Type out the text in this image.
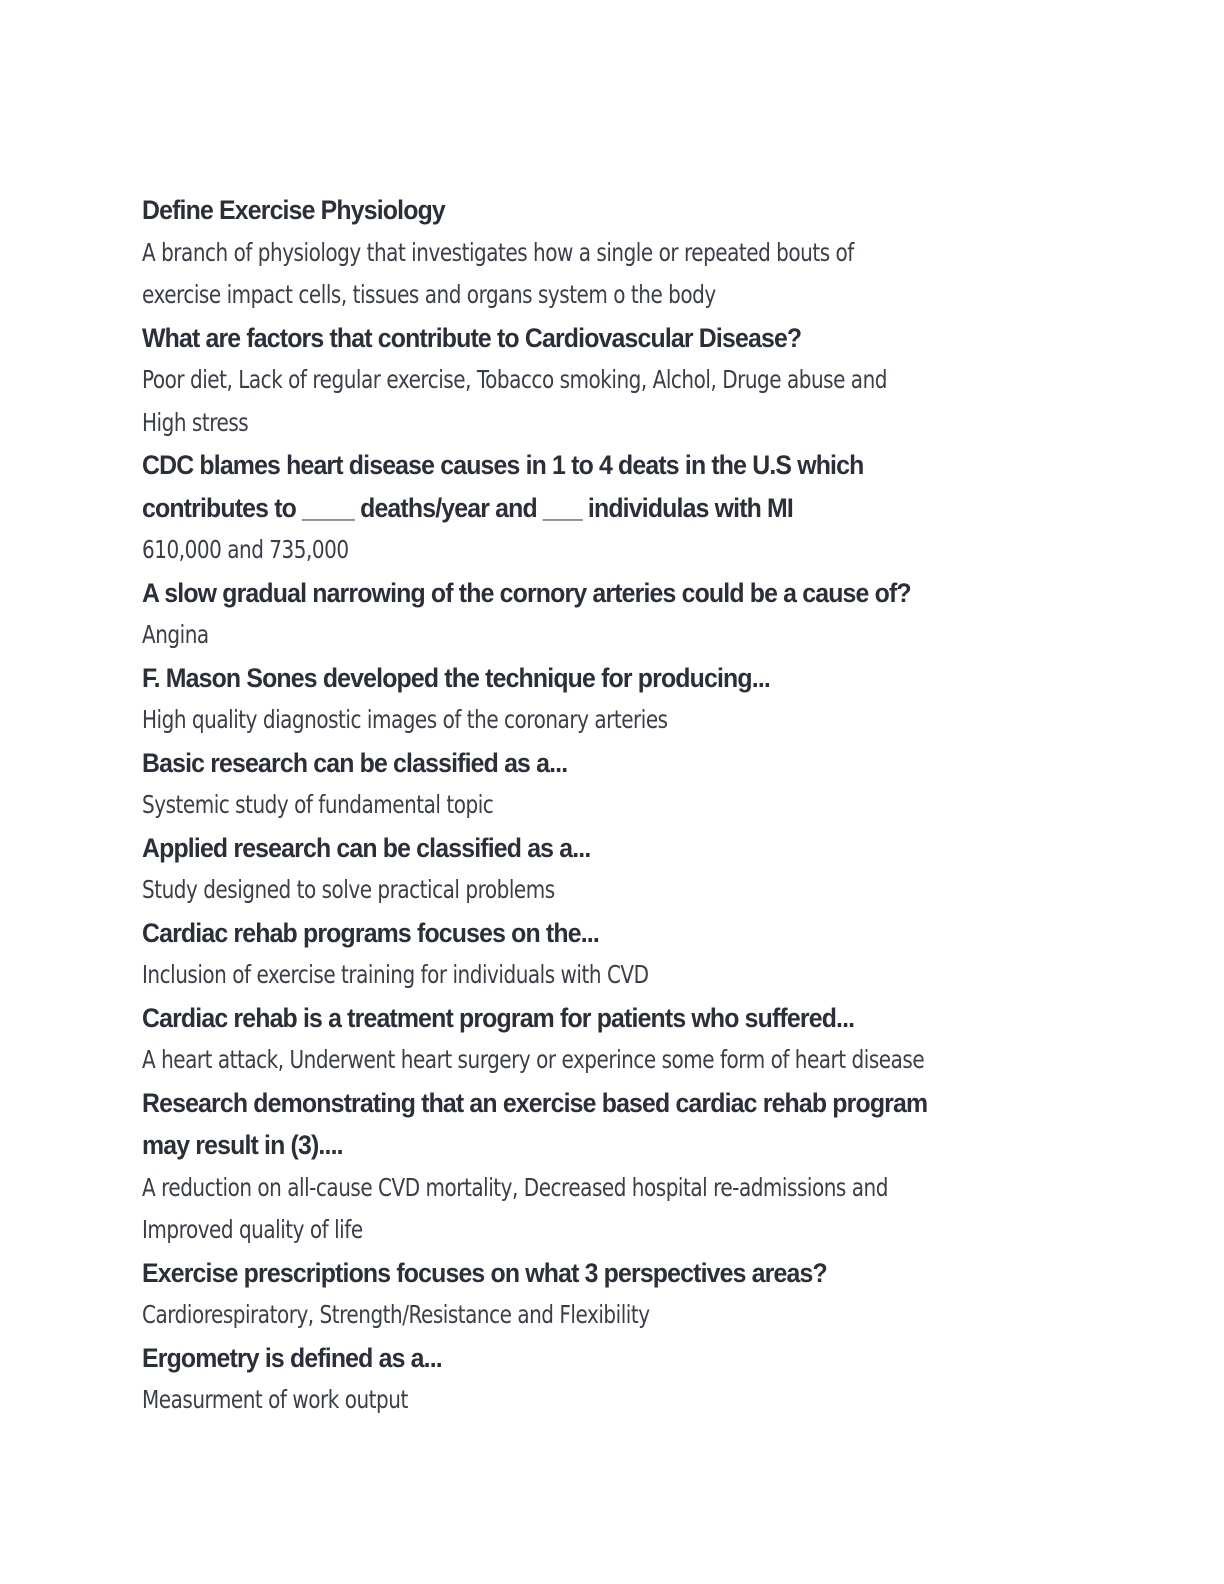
Define Exercise Physiology
A branch of physiology that investigates how a single or repeated bouts of
exercise impact cells, tissues and organs system o the body
What are factors that contribute to Cardiovascular Disease?
Poor diet, Lack of regular exercise, Tobacco smoking, Alchol, Druge abuse and
High stress
CDC blames heart disease causes in 1 to 4 deats in the U.S which
contributes to ____ deaths/year and ___ individulas with MI
610,000 and 735,000
A slow gradual narrowing of the cornory arteries could be a cause of?
Angina
F. Mason Sones developed the technique for producing...
High quality diagnostic images of the coronary arteries
Basic research can be classified as a...
Systemic study of fundamental topic
Applied research can be classified as a...
Study designed to solve practical problems
Cardiac rehab programs focuses on the...
Inclusion of exercise training for individuals with CVD
Cardiac rehab is a treatment program for patients who suffered...
A heart attack, Underwent heart surgery or experince some form of heart disease
Research demonstrating that an exercise based cardiac rehab program
may result in (3)....
A reduction on all-cause CVD mortality, Decreased hospital re-admissions and
Improved quality of life
Exercise prescriptions focuses on what 3 perspectives areas?
Cardiorespiratory, Strength/Resistance and Flexibility
Ergometry is defined as a...
Measurment of work output
